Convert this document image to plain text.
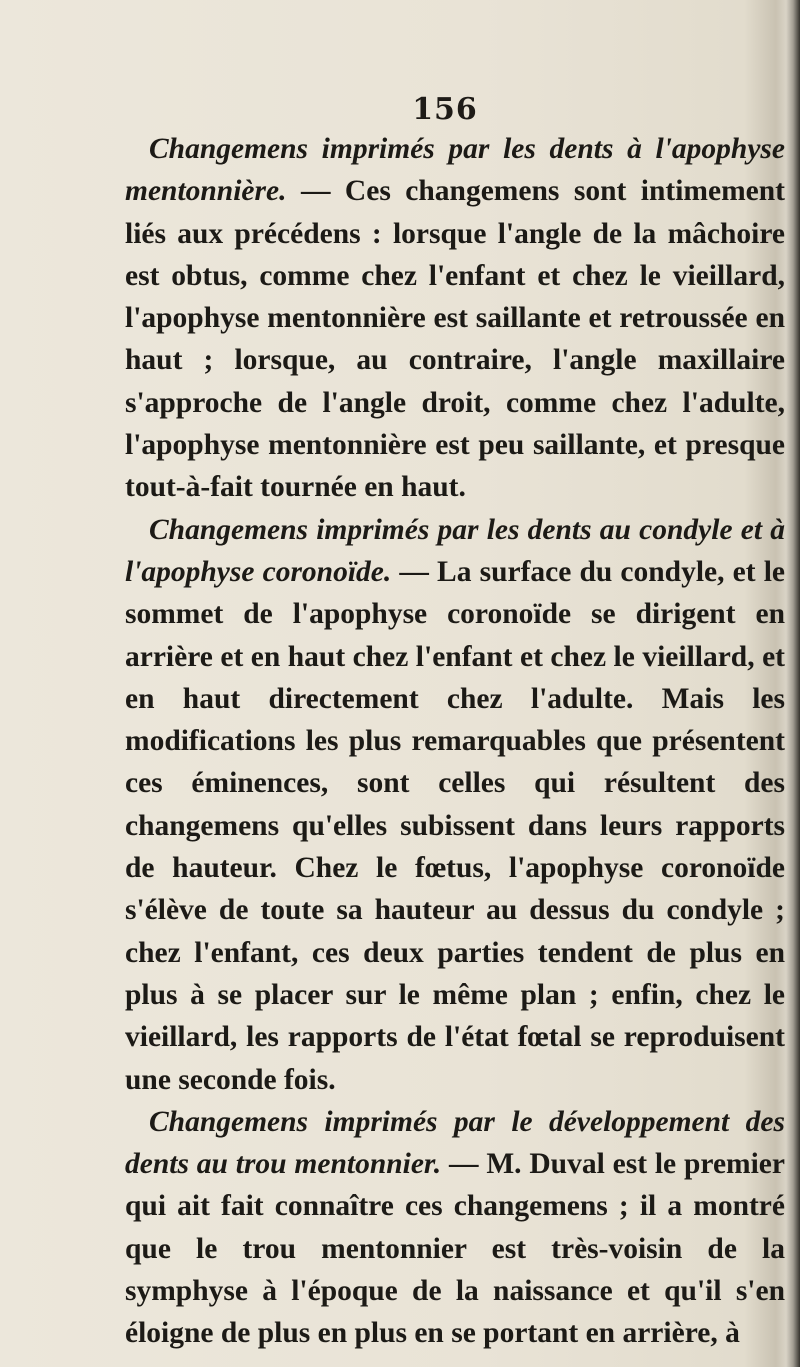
156

Changemens imprimés par les dents à l'apophyse mentonnière. — Ces changemens sont intimement liés aux précédens : lorsque l'angle de la mâchoire est obtus, comme chez l'enfant et chez le vieillard, l'apophyse mentonnière est saillante et retroussée en haut ; lorsque, au contraire, l'angle maxillaire s'approche de l'angle droit, comme chez l'adulte, l'apophyse mentonnière est peu saillante, et presque tout-à-fait tournée en haut.

Changemens imprimés par les dents au condyle et à l'apophyse coronoïde. — La surface du condyle, et le sommet de l'apophyse coronoïde se dirigent en arrière et en haut chez l'enfant et chez le vieillard, et en haut directement chez l'adulte. Mais les modifications les plus remarquables que présentent ces éminences, sont celles qui résultent des changemens qu'elles subissent dans leurs rapports de hauteur. Chez le fœtus, l'apophyse coronoïde s'élève de toute sa hauteur au dessus du condyle ; chez l'enfant, ces deux parties tendent de plus en plus à se placer sur le même plan ; enfin, chez le vieillard, les rapports de l'état fœtal se reproduisent une seconde fois.

Changemens imprimés par le développement des dents au trou mentonnier. — M. Duval est le premier qui ait fait connaître ces changemens ; il a montré que le trou mentonnier est très-voisin de la symphyse à l'époque de la naissance et qu'il s'en éloigne de plus en plus en se portant en arrière, à
